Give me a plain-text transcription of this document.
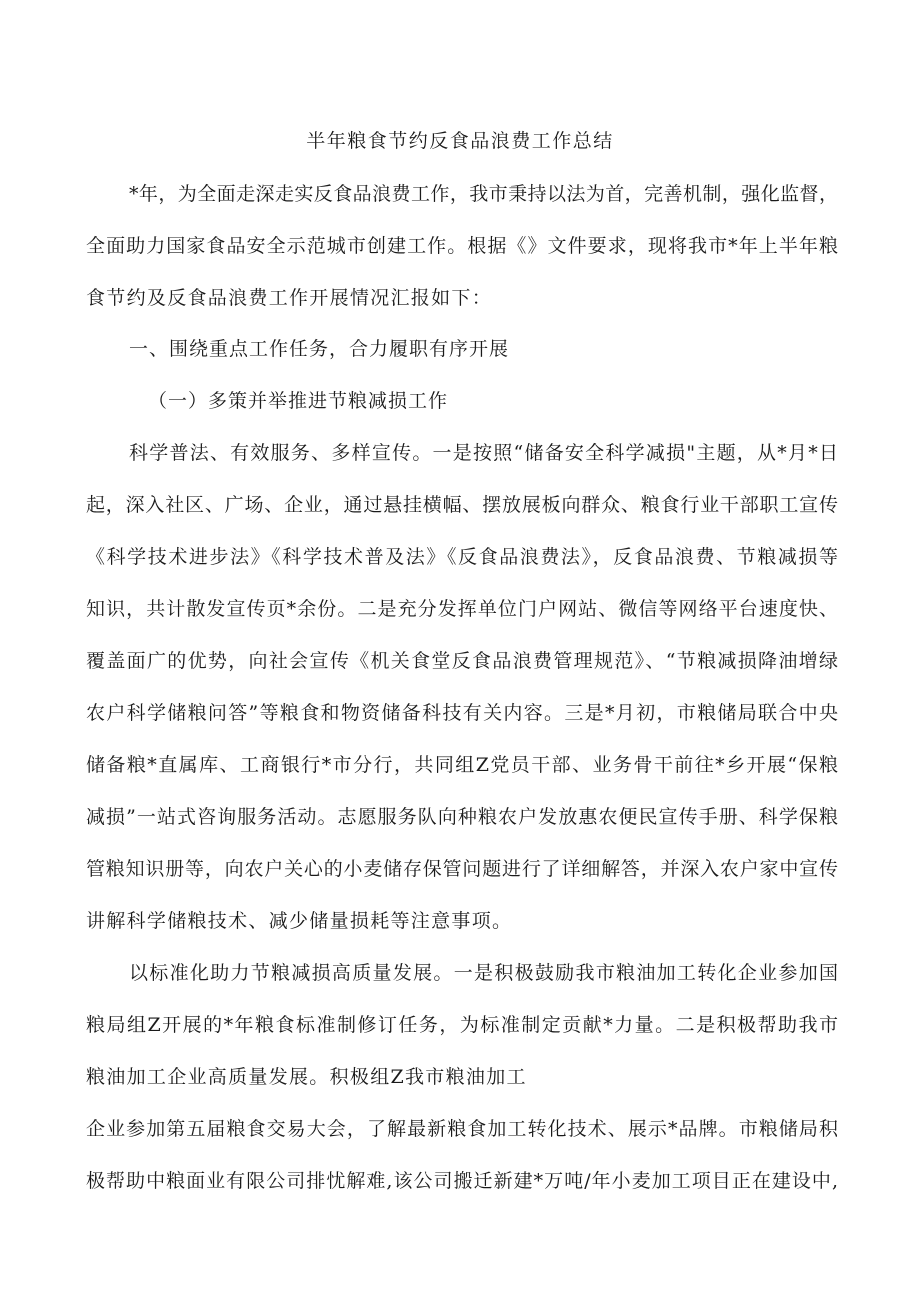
半年粮食节约反食品浪费工作总结
*年，为全面走深走实反食品浪费工作，我市秉持以法为首，完善机制，强化监督，
全面助力国家食品安全示范城市创建工作。根据《》文件要求，现将我市*年上半年粮
食节约及反食品浪费工作开展情况汇报如下：
一、围绕重点工作任务，合力履职有序开展
（一）多策并举推进节粮减损工作
科学普法、有效服务、多样宣传。一是按照“储备安全科学减损"主题，从*月*日
起，深入社区、广场、企业，通过悬挂横幅、摆放展板向群众、粮食行业干部职工宣传
《科学技术进步法》《科学技术普及法》《反食品浪费法》，反食品浪费、节粮减损等
知识，共计散发宣传页*余份。二是充分发挥单位门户网站、微信等网络平台速度快、
覆盖面广的优势，向社会宣传《机关食堂反食品浪费管理规范》、“节粮减损降油增绿
农户科学储粮问答”等粮食和物资储备科技有关内容。三是*月初，市粮储局联合中央
储备粮*直属库、工商银行*市分行，共同组Z党员干部、业务骨干前往*乡开展“保粮
减损”一站式咨询服务活动。志愿服务队向种粮农户发放惠农便民宣传手册、科学保粮
管粮知识册等，向农户关心的小麦储存保管问题进行了详细解答，并深入农户家中宣传
讲解科学储粮技术、减少储量损耗等注意事项。
以标准化助力节粮减损高质量发展。一是积极鼓励我市粮油加工转化企业参加国
粮局组Z开展的*年粮食标准制修订任务，为标准制定贡献*力量。二是积极帮助我市
粮油加工企业高质量发展。积极组Z我市粮油加工
企业参加第五届粮食交易大会，了解最新粮食加工转化技术、展示*品牌。市粮储局积
极帮助中粮面业有限公司排忧解难,该公司搬迁新建*万吨/年小麦加工项目正在建设中,
